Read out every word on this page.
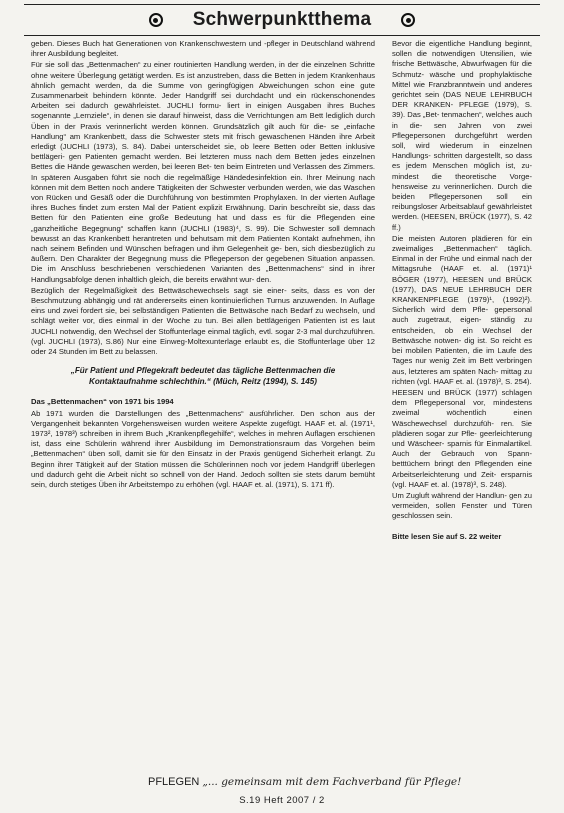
Schwerpunktthema

geben. Dieses Buch hat Generationen von Krankenschwestern und -pfleger in Deutschland während ihrer Ausbildung begleitet.

Für sie soll das „Bettenmachen“ zu einer routinierten Handlung werden, in der die einzelnen Schritte ohne weitere Überlegung getätigt werden. Es ist anzustreben, dass die Betten in jedem Krankenhaus ähnlich gemacht werden, da die Summe von geringfügigen Abweichungen schon eine gute Zusammenarbeit behindern könnte. Jeder Handgriff sei durchdacht und ein rückenschonendes Arbeiten sei dadurch gewährleistet. JUCHLI formu- liert in einigen Ausgaben ihres Buches sogenannte „Lernziele“, in denen sie darauf hinweist, dass die Verrichtungen am Bett lediglich durch Üben in der Praxis verinnerlicht werden können. Grundsätzlich gilt auch für die- se „einfache Handlung“ am Krankenbett, dass die Schwester stets mit frisch gewaschenen Händen ihre Arbeit erledigt (JUCHLI (1973), S. 84). Dabei unterscheidet sie, ob leere Betten oder Betten inklusive bettlägeri- gen Patienten gemacht werden. Bei letzteren muss nach dem Betten jedes einzelnen Bettes die Hände gewaschen werden, bei leeren Bet- ten beim Eintreten und Verlassen des Zimmers. In späteren Ausgaben führt sie noch die regelmäßige Händedesinfektion ein. Ihrer Meinung nach können mit dem Betten noch andere Tätigkeiten der Schwester verbunden werden, wie das Waschen von Rücken und Gesäß oder die Durchführung von bestimmten Prophylaxen. In der vierten Auflage ihres Buches findet zum ersten Mal der Patient explizit Erwähnung. Darin beschreibt sie, dass das Betten für den Patienten eine große Bedeutung hat und dass es für die Pflegenden eine „ganzheitliche Begegnung“ schaffen kann (JUCHLI (1983)⁴, S. 99). Die Schwester soll demnach bewusst an das Krankenbett herantreten und behutsam mit dem Patienten Kontakt aufnehmen, ihn nach seinem Befinden und Wünschen befragen und ihm Gelegenheit ge- ben, sich diesbezüglich zu äußern. Den Charakter der Begegnung muss die Pflegeperson der gegebenen Situation anpassen. Die im Anschluss beschriebenen verschiedenen Varianten des „Bettenmachens“ sind in ihrer Handlungsabfolge denen inhaltlich gleich, die bereits erwähnt wur- den.

Bezüglich der Regelmäßigkeit des Bettwäschewechsels sagt sie einer- seits, dass es von der Beschmutzung abhängig und rät andererseits einen kontinuierlichen Turnus anzuwenden. In Auflage eins und zwei fordert sie, bei selbständigen Patienten die Bettwäsche nach Bedarf zu wechseln, und schlägt weiter vor, dies einmal in der Woche zu tun. Bei allen bettlägerigen Patienten ist es laut JUCHLI notwendig, den Wechsel der Stoffunterlage einmal täglich, evtl. sogar 2-3 mal durchzuführen. (vgl. JUCHLI (1973), S.86) Nur eine Einweg-Moltexunterlage erlaubt es, die Stoffunterlage über 12 oder 24 Stunden im Bett zu belassen.

„Für Patient und Pflegekraft bedeutet das tägliche Bettenmachen die Kontaktaufnahme schlechthin.“ (Müch, Reitz (1994), S. 145)
Das „Bettenmachen“ von 1971 bis 1994

Ab 1971 wurden die Darstellungen des „Bettenmachens“ ausführlicher. Den schon aus der Vergangenheit bekannten Vorgehensweisen wurden weitere Aspekte zugefügt. HAAF et. al. (1971¹, 1973², 1978³) schreiben in ihrem Buch „Krankenpflegehilfe“, welches in mehren Auflagen erschienen ist, dass eine Schülerin während ihrer Ausbildung im Demonstrationsraum das Vorgehen beim „Bettenmachen“ üben soll, damit sie für den Einsatz in der Praxis genügend Sicherheit erlangt. Zu Beginn ihrer Tätigkeit auf der Station müssen die Schülerinnen noch vor jedem Handgriff überlegen und dadurch geht die Arbeit nicht so schnell von der Hand. Jedoch sollten sie stets darum bemüht sein, durch stetiges Üben ihr Arbeitstempo zu erhöhen (vgl. HAAF et. al. (1971), S. 171 ff).

Bevor die eigentliche Handlung beginnt, sollen die notwendigen Utensilien, wie frische Bettwäsche, Abwurfwagen für die Schmutz- wäsche und prophylaktische Mittel wie Franzbranntwein und anderes gerichtet sein (DAS NEUE LEHRBUCH DER KRANKEN- PFLEGE (1979), S. 39). Das „Bet- tenmachen“, welches auch in die- sen Jahren von zwei Pflegepersonen durchgeführt werden soll, wird wiederum in einzelnen Handlungs- schritten dargestellt, so dass es jedem Menschen möglich ist, zu- mindest die theoretische Vorge- hensweise zu verinnerlichen. Durch die beiden Pflegepersonen soll ein reibungsloser Arbeitsablauf gewährleistet werden. (HEESEN, BRÜCK (1977), S. 42 ff.)

Die meisten Autoren plädieren für ein zweimaliges „Bettenmachen“ täglich. Einmal in der Frühe und einmal nach der Mittagsruhe (HAAF et. al. (1971)¹ BÖGER (1977), HEESEN und BRÜCK (1977), DAS NEUE LEHRBUCH DER KRANKENPFLEGE (1979)¹, (1992)²). Sicherlich wird dem Pfle- gepersonal auch zugetraut, eigen- ständig zu entscheiden, ob ein Wechsel der Bettwäsche notwen- dig ist. So reicht es bei mobilen Patienten, die im Laufe des Tages nur wenig Zeit im Bett verbringen aus, letzteres am späten Nach- mittag zu richten (vgl. HAAF et. al. (1978)³, S. 254).

HEESEN und BRÜCK (1977) schlagen dem Pflegepersonal vor, mindestens zweimal wöchentlich einen Wäschewechsel durchzufüh- ren. Sie plädieren sogar zur Pfle- geerleichterung und Wäscheer- sparnis für Einmalartikel. Auch der Gebrauch von Spann- betttüchern bringt den Pflegenden eine Arbeitserleichterung und Zeit- ersparnis (vgl. HAAF et. al. (1978)³, S. 248).

Um Zugluft während der Handlun- gen zu vermeiden, sollen Fenster und Türen geschlossen sein.

Bitte lesen Sie auf S. 22 weiter
PFLEGEN „... gemeinsam mit dem Fachverband für Pflege!
S.19 Heft 2007 / 2
